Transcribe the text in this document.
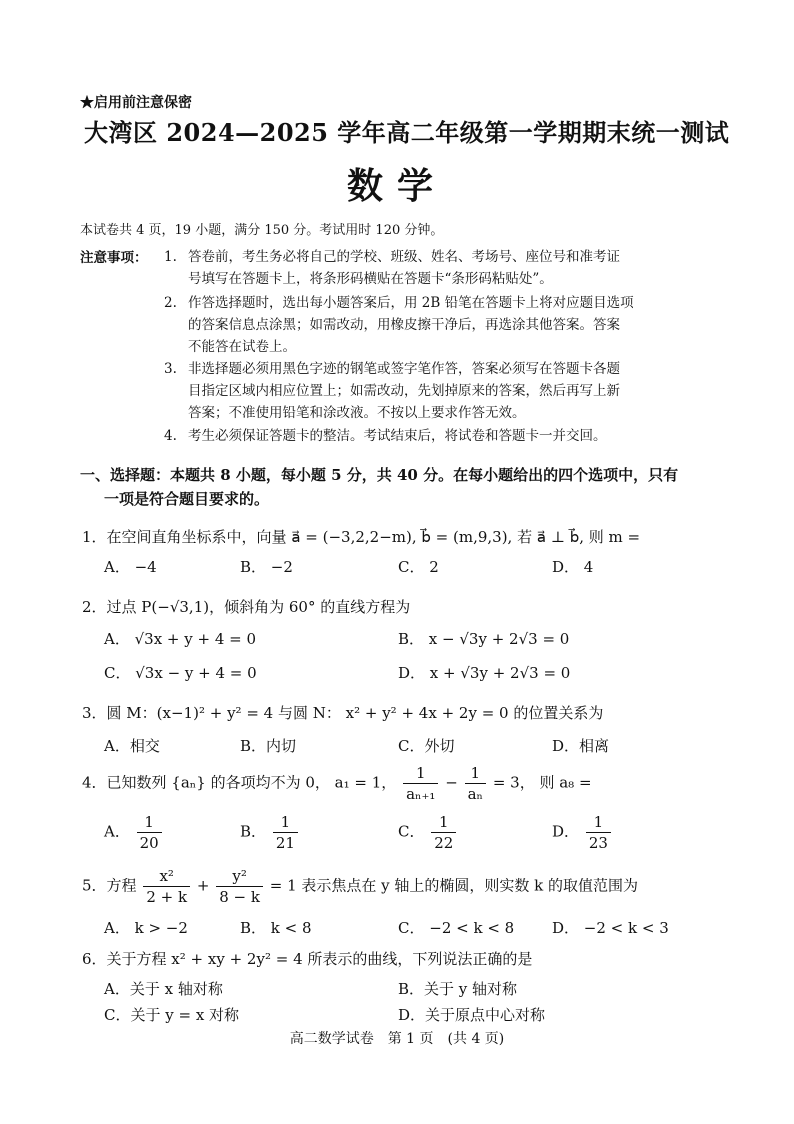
★启用前注意保密
大湾区 2024—2025 学年高二年级第一学期期末统一测试
数学
本试卷共 4 页，19 小题，满分 150 分。考试用时 120 分钟。
注意事项： 1. 答卷前，考生务必将自己的学校、班级、姓名、考场号、座位号和准考证
号填写在答题卡上，将条形码横贴在答题卡“条形码粘贴处”。
2. 作答选择题时，选出每小题答案后，用 2B 铅笔在答题卡上将对应题目选项
的答案信息点涂黑；如需改动，用橡皮擦干净后，再选涂其他答案。答案
不能答在试卷上。
3. 非选择题必须用黑色字迹的钢笔或签字笔作答，答案必须写在答题卡各题
目指定区域内相应位置上；如需改动，先划掉原来的答案，然后再写上新
答案；不准使用铅笔和涂改液。不按以上要求作答无效。
4. 考生必须保证答题卡的整洁。考试结束后，将试卷和答题卡一并交回。
一、选择题：本题共 8 小题，每小题 5 分，共 40 分。在每小题给出的四个选项中，只有
一项是符合题目要求的。
1．在空间直角坐标系中，向量 a⃗ = (−3,2,2−m), b⃗ = (m,9,3), 若 a⃗ ⊥ b⃗, 则 m =
A． −4	B． −2	C． 2	D． 4
2．过点 P(−√3,1)，倾斜角为 60° 的直线方程为
A． √3x + y + 4 = 0	B． x − √3y + 2√3 = 0
C． √3x − y + 4 = 0	D． x + √3y + 2√3 = 0
3．圆 M：(x−1)² + y² = 4 与圆 N： x² + y² + 4x + 2y = 0 的位置关系为
A．相交	B．内切	C．外切	D．相离
4．已知数列 {aₙ} 的各项均不为 0， a₁ = 1， $\frac{1}{\text{aₙ₊₁}} - \frac{1}{\text{aₙ}} = 3$， 则 a₈ =
A． $\frac{1}{20}$	B． $\frac{1}{21}$	C． $\frac{1}{22}$	D． $\frac{1}{23}$
5．方程 $\frac{\text{x²}}{2 + k} + \frac{\text{y²}}{8 - k} = 1$ 表示焦点在 y 轴上的椭圆，则实数 k 的取值范围为
A． k > −2	B． k < 8	C． −2 < k < 8	D． −2 < k < 3
6．关于方程 x² + xy + 2y² = 4 所表示的曲线，下列说法正确的是
A．关于 x 轴对称	B．关于 y 轴对称
C．关于 y = x 对称	D．关于原点中心对称
高二数学试卷　第 1 页　(共 4 页)
